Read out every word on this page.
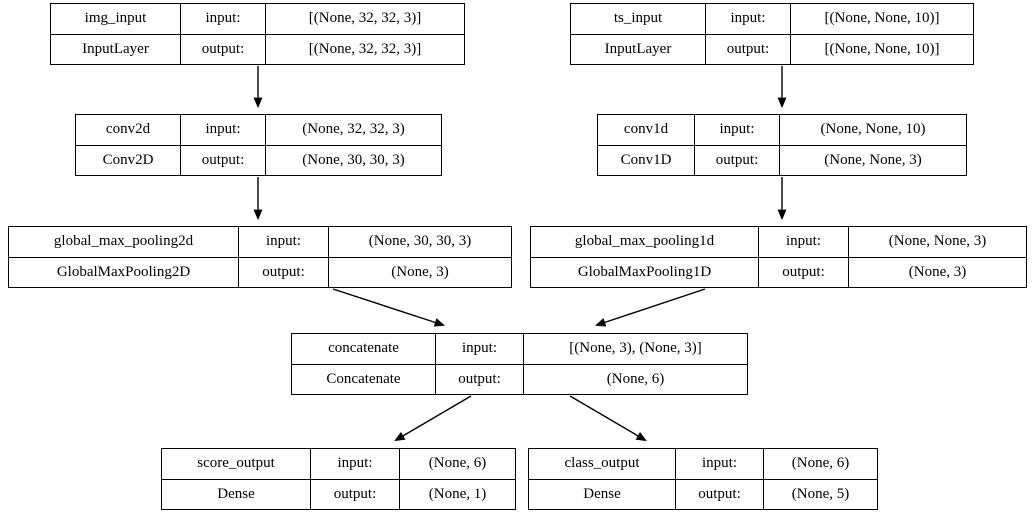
img_input	input:	[(None, 32, 32, 3)]
InputLayer	output:	[(None, 32, 32, 3)]
ts_input	input:	[(None, None, 10)]
InputLayer	output:	[(None, None, 10)]
conv2d	input:	(None, 32, 32, 3)
Conv2D	output:	(None, 30, 30, 3)
conv1d	input:	(None, None, 10)
Conv1D	output:	(None, None, 3)
global_max_pooling2d	input:	(None, 30, 30, 3)
GlobalMaxPooling2D	output:	(None, 3)
global_max_pooling1d	input:	(None, None, 3)
GlobalMaxPooling1D	output:	(None, 3)
concatenate	input:	[(None, 3), (None, 3)]
Concatenate	output:	(None, 6)
score_output	input:	(None, 6)
Dense	output:	(None, 1)
class_output	input:	(None, 6)
Dense	output:	(None, 5)
